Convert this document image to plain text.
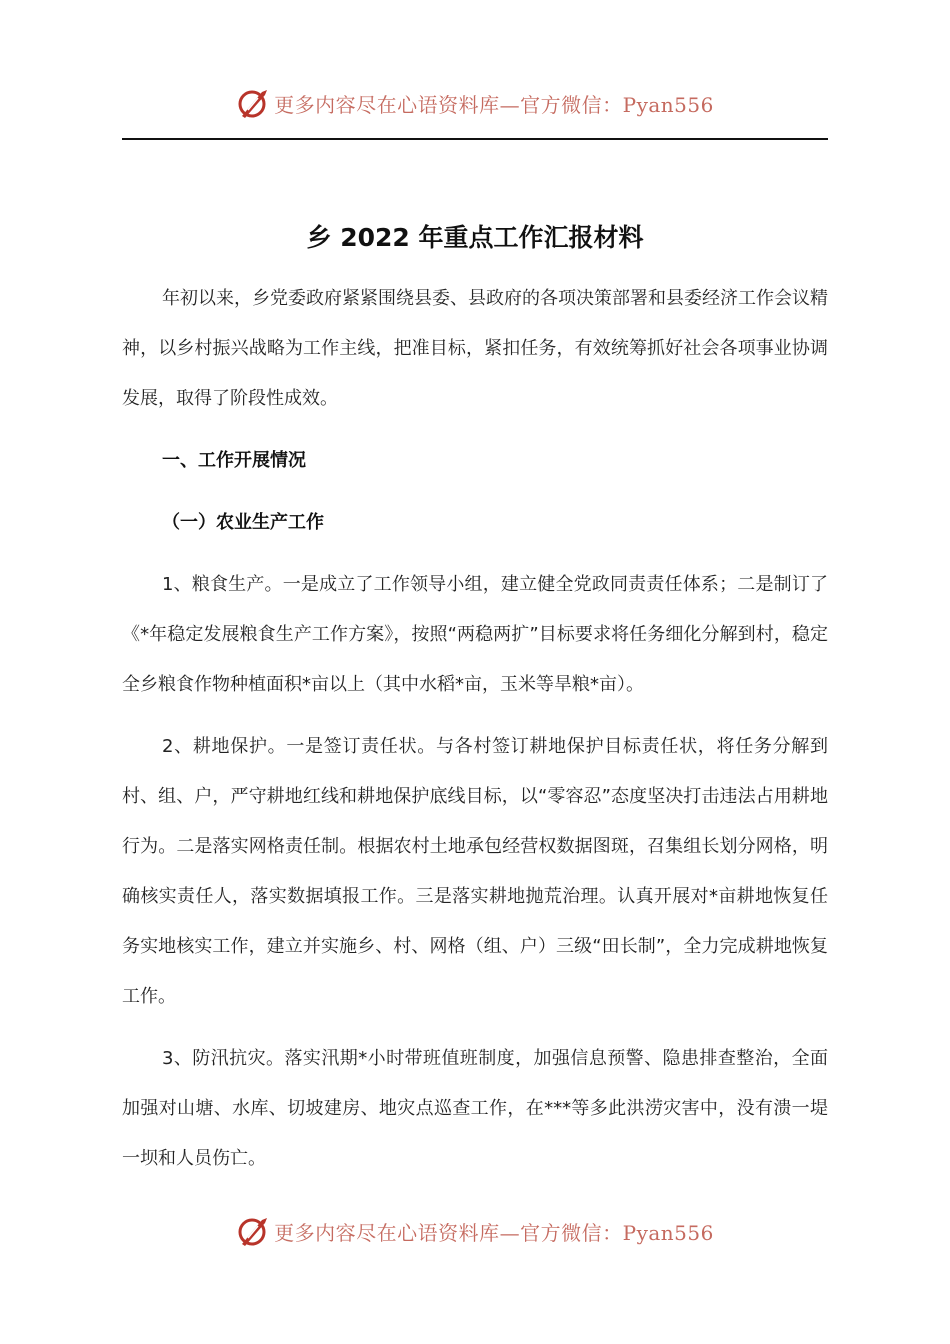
更多内容尽在心语资料库—官方微信：Pyan556
乡 2022 年重点工作汇报材料

年初以来，乡党委政府紧紧围绕县委、县政府的各项决策部署和县委经济工作会议精神，以乡村振兴战略为工作主线，把准目标，紧扣任务，有效统筹抓好社会各项事业协调发展，取得了阶段性成效。

一、工作开展情况

（一）农业生产工作

1、粮食生产。一是成立了工作领导小组，建立健全党政同责责任体系；二是制订了《*年稳定发展粮食生产工作方案》，按照“两稳两扩”目标要求将任务细化分解到村，稳定全乡粮食作物种植面积*亩以上（其中水稻*亩，玉米等旱粮*亩）。

2、耕地保护。一是签订责任状。与各村签订耕地保护目标责任状，将任务分解到村、组、户，严守耕地红线和耕地保护底线目标，以“零容忍”态度坚决打击违法占用耕地行为。二是落实网格责任制。根据农村土地承包经营权数据图斑，召集组长划分网格，明确核实责任人，落实数据填报工作。三是落实耕地抛荒治理。认真开展对*亩耕地恢复任务实地核实工作，建立并实施乡、村、网格（组、户）三级“田长制”，全力完成耕地恢复工作。

3、防汛抗灾。落实汛期*小时带班值班制度，加强信息预警、隐患排查整治，全面加强对山塘、水库、切坡建房、地灾点巡查工作，在***等多此洪涝灾害中，没有溃一堤一坝和人员伤亡。

更多内容尽在心语资料库—官方微信：Pyan556
